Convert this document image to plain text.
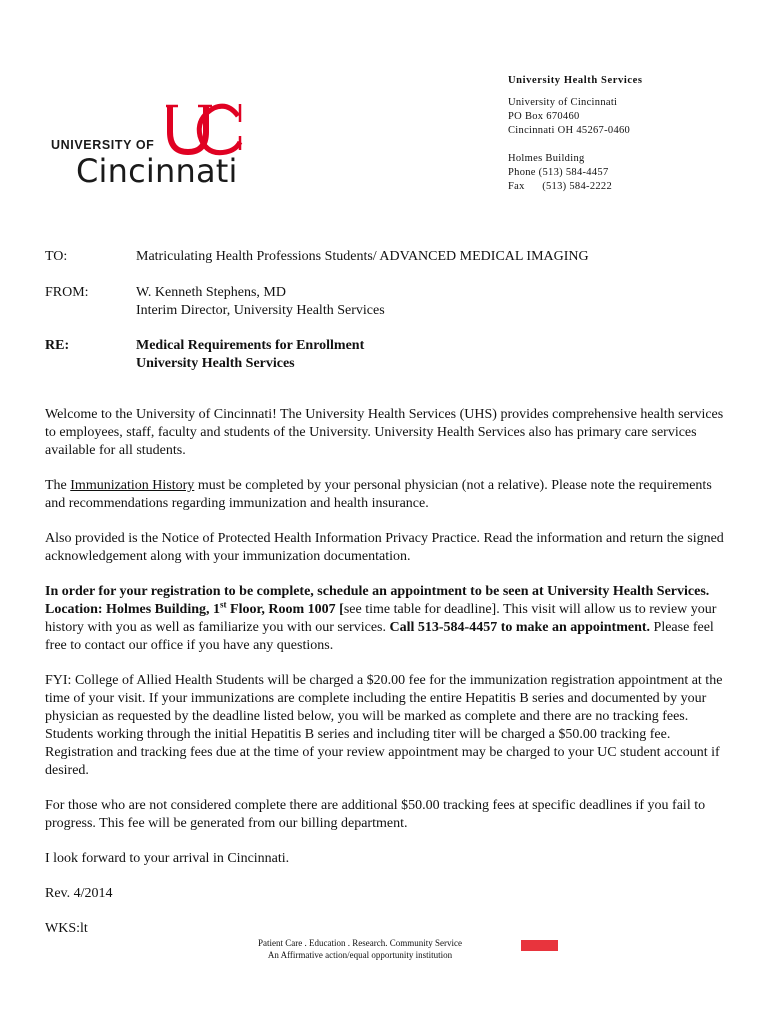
UNIVERSITY OF
Cincinnati
University Health Services
University of Cincinnati
PO Box 670460
Cincinnati OH 45267-0460
Holmes Building
Phone (513) 584-4457
Fax      (513) 584-2222
TO:	Matriculating Health Professions Students/ ADVANCED MEDICAL IMAGING
FROM:	W. Kenneth Stephens, MD
Interim Director, University Health Services
RE:	Medical Requirements for Enrollment
University Health Services

Welcome to the University of Cincinnati! The University Health Services (UHS) provides comprehensive health services to employees, staff, faculty and students of the University. University Health Services also has primary care services available for all students.

The Immunization History must be completed by your personal physician (not a relative). Please note the requirements and recommendations regarding immunization and health insurance.

Also provided is the Notice of Protected Health Information Privacy Practice. Read the information and return the signed acknowledgement along with your immunization documentation.

In order for your registration to be complete, schedule an appointment to be seen at University Health Services. Location: Holmes Building, 1st Floor, Room 1007 [see time table for deadline]. This visit will allow us to review your history with you as well as familiarize you with our services. Call 513-584-4457 to make an appointment. Please feel free to contact our office if you have any questions.

FYI: College of Allied Health Students will be charged a $20.00 fee for the immunization registration appointment at the time of your visit. If your immunizations are complete including the entire Hepatitis B series and documented by your physician as requested by the deadline listed below, you will be marked as complete and there are no tracking fees. Students working through the initial Hepatitis B series and including titer will be charged a $50.00 tracking fee. Registration and tracking fees due at the time of your review appointment may be charged to your UC student account if desired.

For those who are not considered complete there are additional $50.00 tracking fees at specific deadlines if you fail to progress. This fee will be generated from our billing department.

I look forward to your arrival in Cincinnati.

Rev. 4/2014

WKS:lt

Patient Care . Education . Research. Community Service
An Affirmative action/equal opportunity institution
